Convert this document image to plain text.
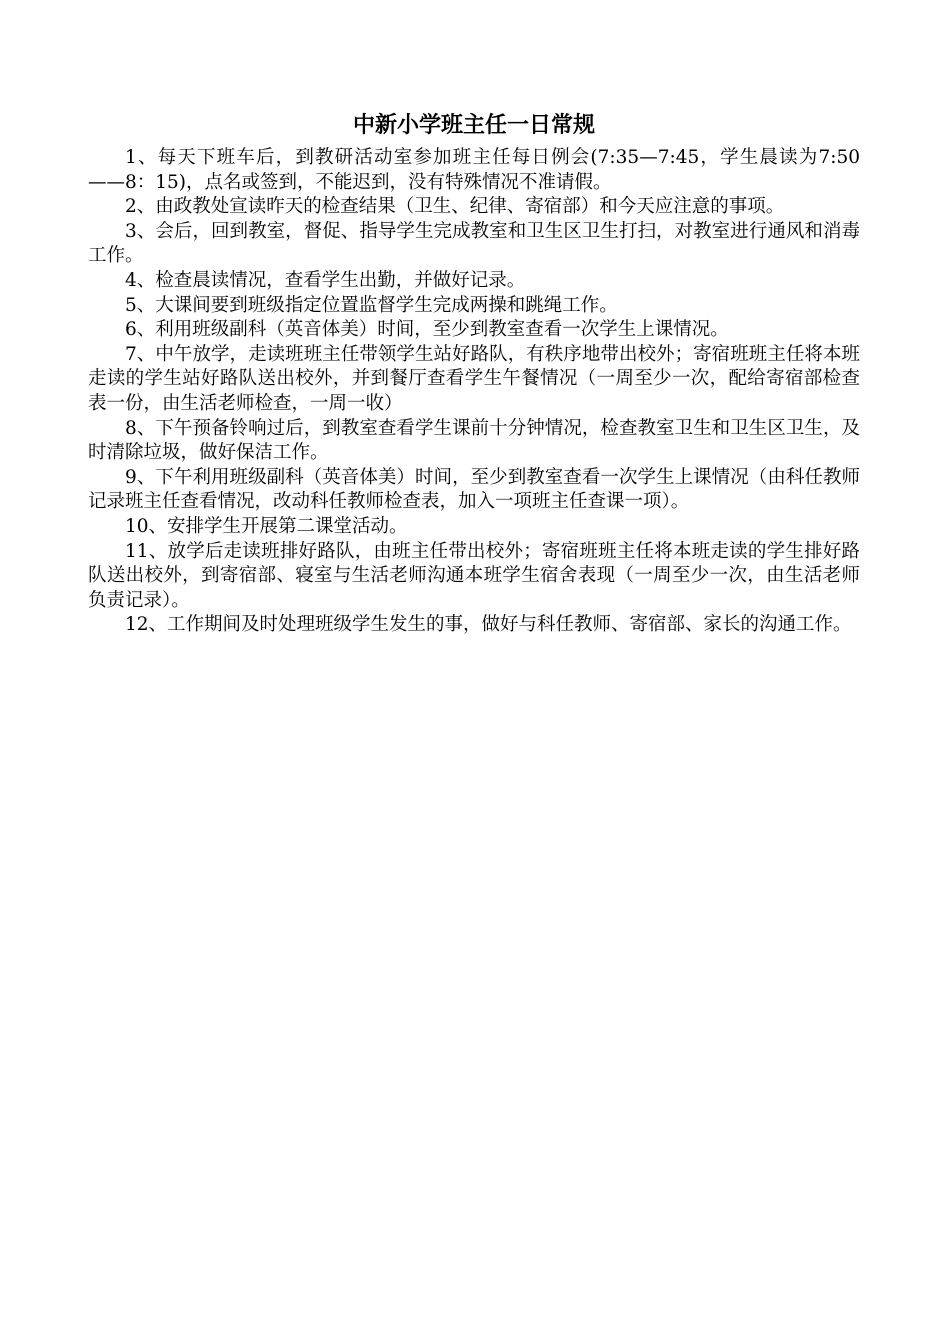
中新小学班主任一日常规

1、每天下班车后，到教研活动室参加班主任每日例会(7:35—7:45，学生晨读为7:50——8：15)，点名或签到，不能迟到，没有特殊情况不准请假。

2、由政教处宣读昨天的检查结果（卫生、纪律、寄宿部）和今天应注意的事项。

3、会后，回到教室，督促、指导学生完成教室和卫生区卫生打扫，对教室进行通风和消毒工作。

4、检查晨读情况，查看学生出勤，并做好记录。

5、大课间要到班级指定位置监督学生完成两操和跳绳工作。

6、利用班级副科（英音体美）时间，至少到教室查看一次学生上课情况。

7、中午放学，走读班班主任带领学生站好路队，有秩序地带出校外；寄宿班班主任将本班走读的学生站好路队送出校外，并到餐厅查看学生午餐情况（一周至少一次，配给寄宿部检查表一份，由生活老师检查，一周一收）

8、下午预备铃响过后，到教室查看学生课前十分钟情况，检查教室卫生和卫生区卫生，及时清除垃圾，做好保洁工作。

9、下午利用班级副科（英音体美）时间，至少到教室查看一次学生上课情况（由科任教师记录班主任查看情况，改动科任教师检查表，加入一项班主任查课一项）。

10、安排学生开展第二课堂活动。

11、放学后走读班排好路队，由班主任带出校外；寄宿班班主任将本班走读的学生排好路队送出校外，到寄宿部、寝室与生活老师沟通本班学生宿舍表现（一周至少一次，由生活老师负责记录）。

12、工作期间及时处理班级学生发生的事，做好与科任教师、寄宿部、家长的沟通工作。
